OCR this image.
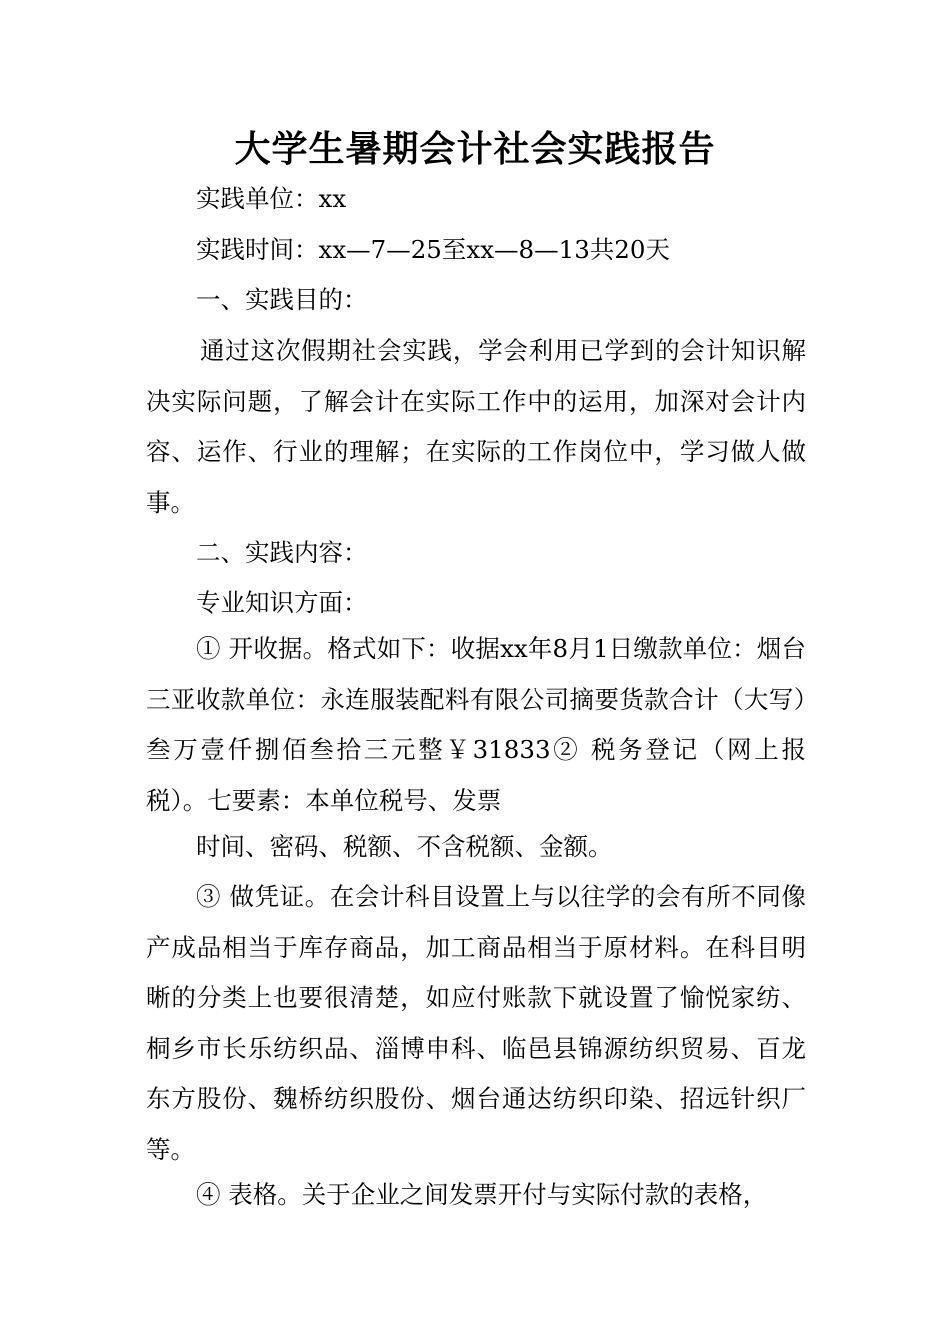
大学生暑期会计社会实践报告

实践单位：xx

实践时间：xx—7—25至xx—8—13共20天

一、实践目的：

通过这次假期社会实践，学会利用已学到的会计知识解决实际问题，了解会计在实际工作中的运用，加深对会计内容、运作、行业的理解；在实际的工作岗位中，学习做人做事。

二、实践内容：

专业知识方面：

① 开收据。格式如下：收据xx年8月1日缴款单位：烟台三亚收款单位：永连服装配料有限公司摘要货款合计（大写）叁万壹仟捌佰叁拾三元整￥31833② 税务登记（网上报税）。七要素：本单位税号、发票

时间、密码、税额、不含税额、金额。

③ 做凭证。在会计科目设置上与以往学的会有所不同像产成品相当于库存商品，加工商品相当于原材料。在科目明晰的分类上也要很清楚，如应付账款下就设置了愉悦家纺、桐乡市长乐纺织品、淄博申科、临邑县锦源纺织贸易、百龙东方股份、魏桥纺织股份、烟台通达纺织印染、招远针织厂等。

④ 表格。关于企业之间发票开付与实际付款的表格，
